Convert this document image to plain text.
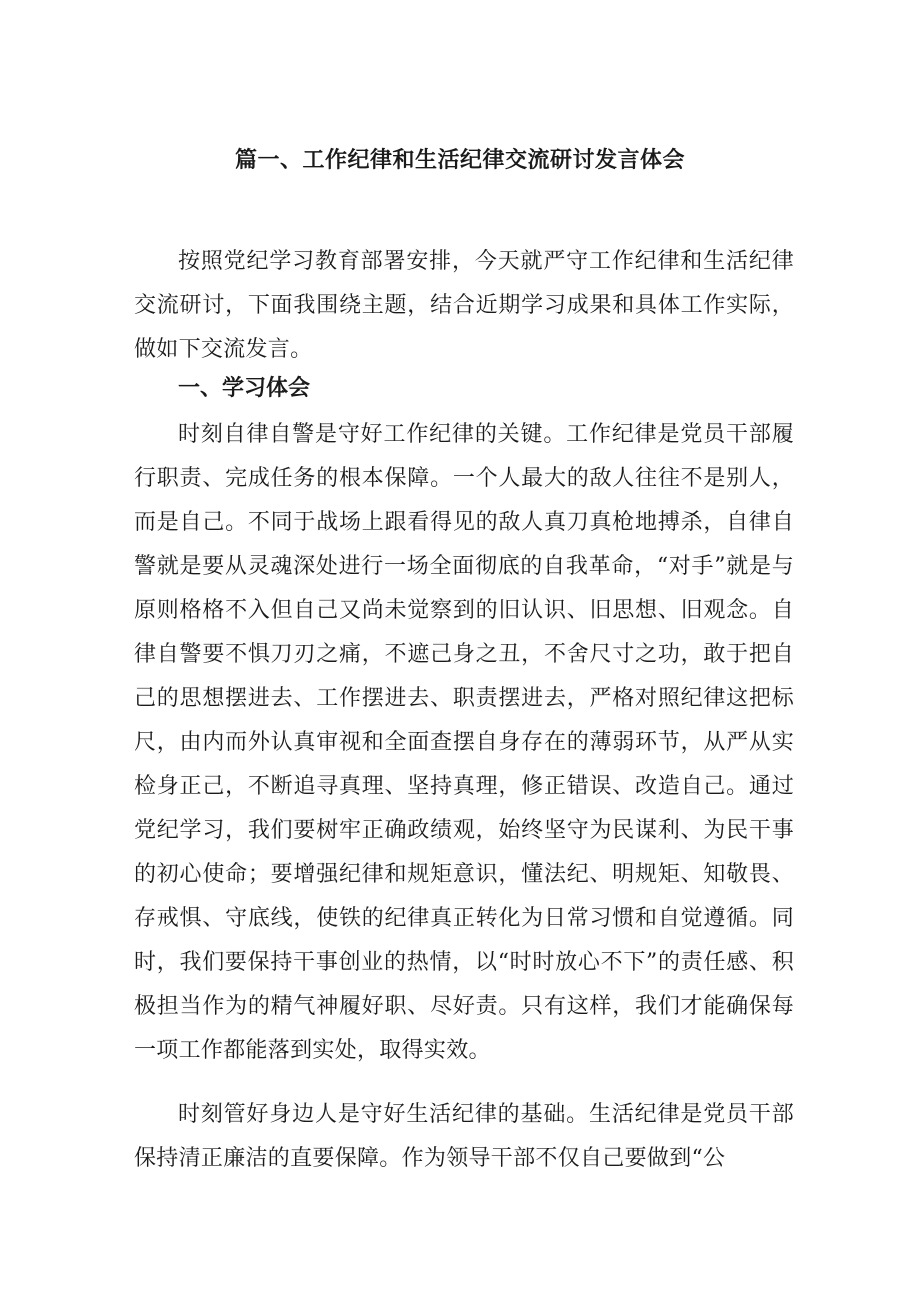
篇一、工作纪律和生活纪律交流研讨发言体会

按照党纪学习教育部署安排，今天就严守工作纪律和生活纪律交流研讨，下面我围绕主题，结合近期学习成果和具体工作实际，做如下交流发言。

一、学习体会

时刻自律自警是守好工作纪律的关键。工作纪律是党员干部履行职责、完成任务的根本保障。一个人最大的敌人往往不是别人，而是自己。不同于战场上跟看得见的敌人真刀真枪地搏杀，自律自警就是要从灵魂深处进行一场全面彻底的自我革命，“对手”就是与原则格格不入但自己又尚未觉察到的旧认识、旧思想、旧观念。自律自警要不惧刀刃之痛，不遮己身之丑，不舍尺寸之功，敢于把自己的思想摆进去、工作摆进去、职责摆进去，严格对照纪律这把标尺，由内而外认真审视和全面查摆自身存在的薄弱环节，从严从实检身正己，不断追寻真理、坚持真理，修正错误、改造自己。通过党纪学习，我们要树牢正确政绩观，始终坚守为民谋利、为民干事的初心使命；要增强纪律和规矩意识，懂法纪、明规矩、知敬畏、存戒惧、守底线，使铁的纪律真正转化为日常习惯和自觉遵循。同时，我们要保持干事创业的热情，以“时时放心不下”的责任感、积极担当作为的精气神履好职、尽好责。只有这样，我们才能确保每一项工作都能落到实处，取得实效。

时刻管好身边人是守好生活纪律的基础。生活纪律是党员干部保持清正廉洁的直要保障。作为领导干部不仅自己要做到“公
